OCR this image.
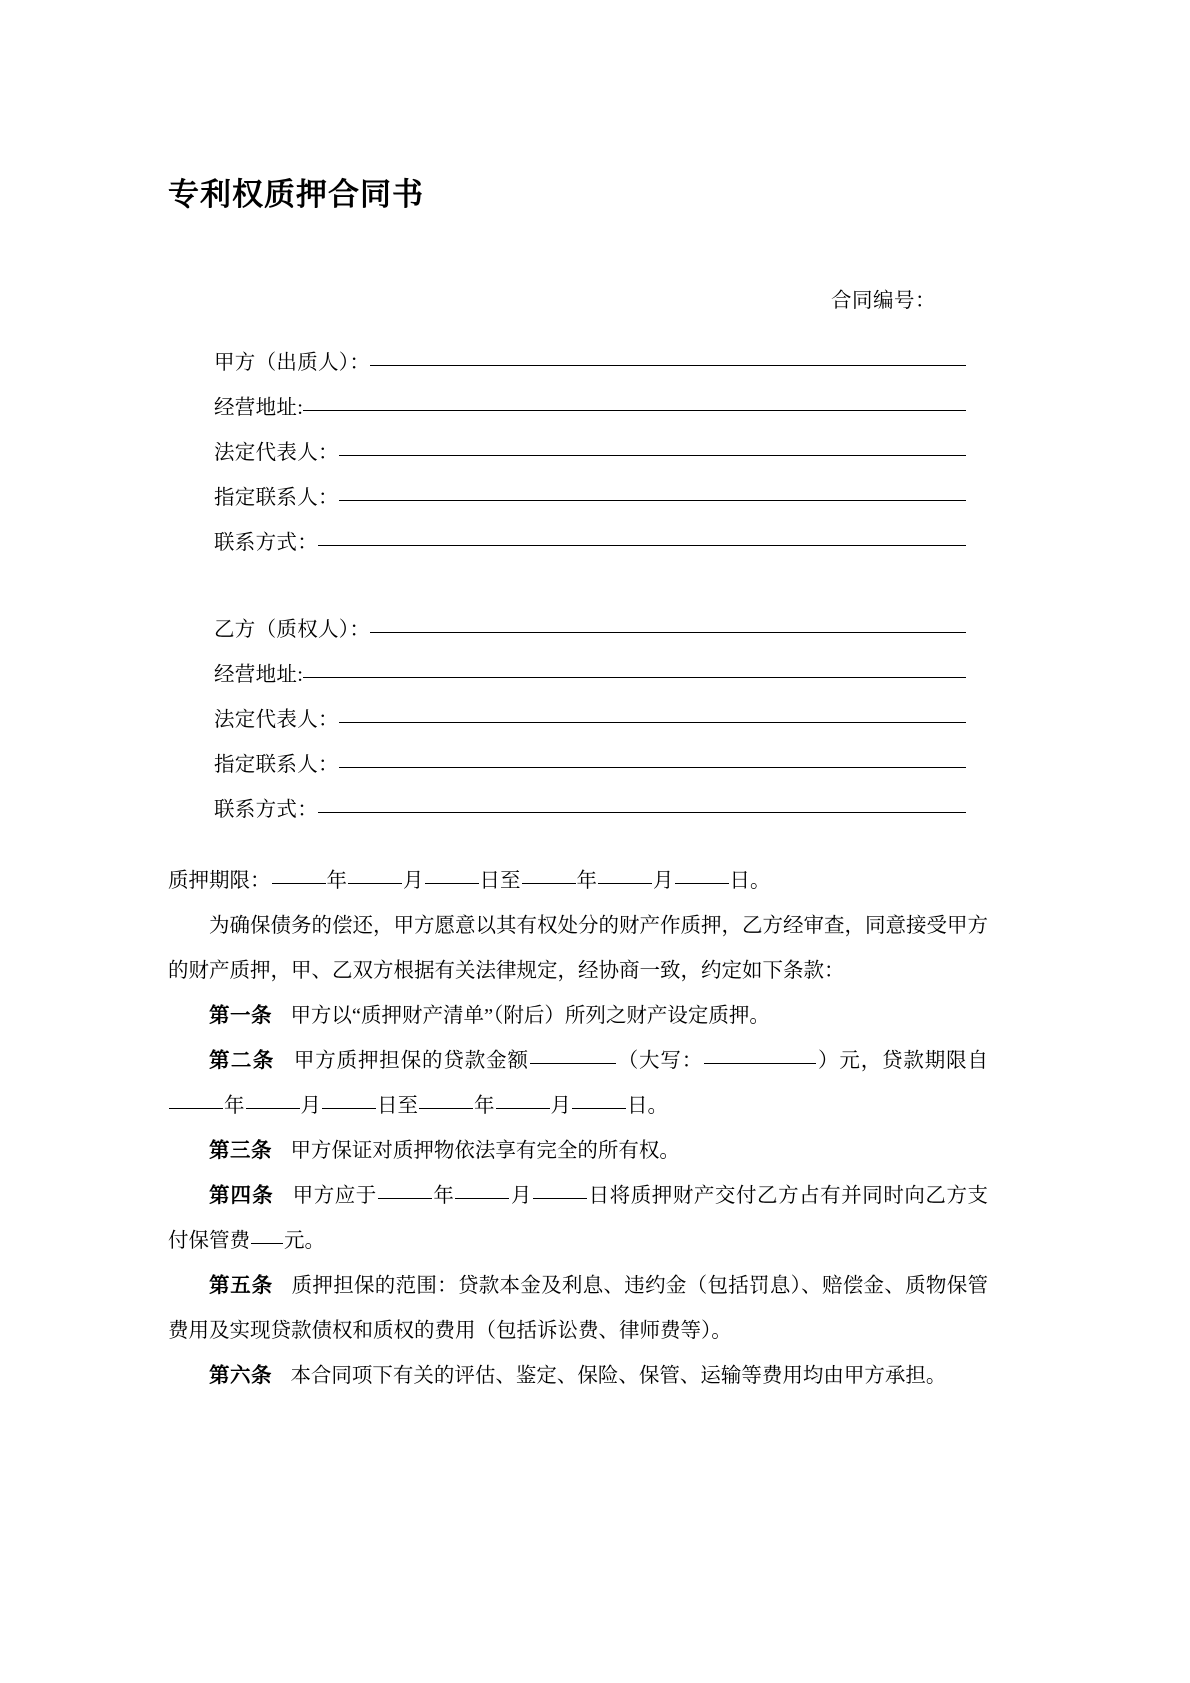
专利权质押合同书
合同编号：
甲方（出质人）：
经营地址:
法定代表人：
指定联系人：
联系方式：
乙方（质权人）：
经营地址:
法定代表人：
指定联系人：
联系方式：

质押期限：	年	月	日至	年	月	日。

为确保债务的偿还，甲方愿意以其有权处分的财产作质押，乙方经审查，同意接受甲方的财产质押，甲、乙双方根据有关法律规定，经协商一致，约定如下条款：

第一条 甲方以“质押财产清单”（附后）所列之财产设定质押。

第二条 甲方质押担保的贷款金额	（大写：	）元，贷款期限自年	月	日至	年	月	日。

第三条 甲方保证对质押物依法享有完全的所有权。

第四条 甲方应于	年	月	日将质押财产交付乙方占有并同时向乙方支付保管费 元。

第五条 质押担保的范围：贷款本金及利息、违约金（包括罚息）、赔偿金、质物保管费用及实现贷款债权和质权的费用（包括诉讼费、律师费等）。

第六条 本合同项下有关的评估、鉴定、保险、保管、运输等费用均由甲方承担。
